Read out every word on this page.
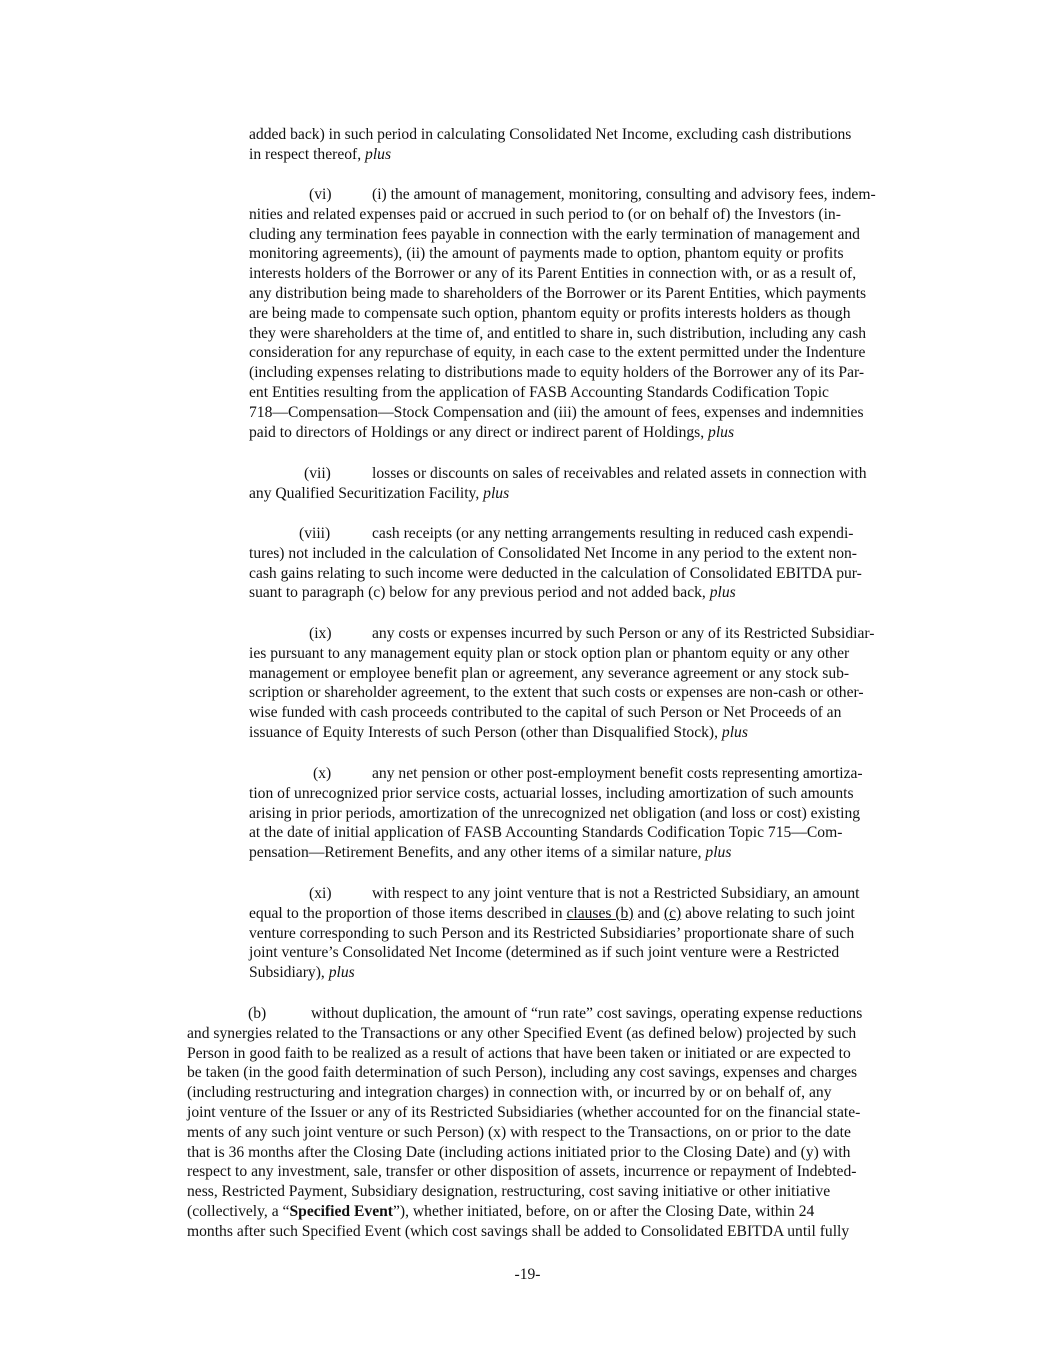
added back) in such period in calculating Consolidated Net Income, excluding cash distributions
in respect thereof, plus
(vi)	(i) the amount of management, monitoring, consulting and advisory fees, indem-
nities and related expenses paid or accrued in such period to (or on behalf of) the Investors (in-
cluding any termination fees payable in connection with the early termination of management and
monitoring agreements), (ii) the amount of payments made to option, phantom equity or profits
interests holders of the Borrower or any of its Parent Entities in connection with, or as a result of,
any distribution being made to shareholders of the Borrower or its Parent Entities, which payments
are being made to compensate such option, phantom equity or profits interests holders as though
they were shareholders at the time of, and entitled to share in, such distribution, including any cash
consideration for any repurchase of equity, in each case to the extent permitted under the Indenture
(including expenses relating to distributions made to equity holders of the Borrower any of its Par-
ent Entities resulting from the application of FASB Accounting Standards Codification Topic
718—Compensation—Stock Compensation and (iii) the amount of fees, expenses and indemnities
paid to directors of Holdings or any direct or indirect parent of Holdings, plus
(vii)	losses or discounts on sales of receivables and related assets in connection with
any Qualified Securitization Facility, plus
(viii)	cash receipts (or any netting arrangements resulting in reduced cash expendi-
tures) not included in the calculation of Consolidated Net Income in any period to the extent non-
cash gains relating to such income were deducted in the calculation of Consolidated EBITDA pur-
suant to paragraph (c) below for any previous period and not added back, plus
(ix)	any costs or expenses incurred by such Person or any of its Restricted Subsidiar-
ies pursuant to any management equity plan or stock option plan or phantom equity or any other
management or employee benefit plan or agreement, any severance agreement or any stock sub-
scription or shareholder agreement, to the extent that such costs or expenses are non-cash or other-
wise funded with cash proceeds contributed to the capital of such Person or Net Proceeds of an
issuance of Equity Interests of such Person (other than Disqualified Stock), plus
(x)	any net pension or other post-employment benefit costs representing amortiza-
tion of unrecognized prior service costs, actuarial losses, including amortization of such amounts
arising in prior periods, amortization of the unrecognized net obligation (and loss or cost) existing
at the date of initial application of FASB Accounting Standards Codification Topic 715—Com-
pensation—Retirement Benefits, and any other items of a similar nature, plus
(xi)	with respect to any joint venture that is not a Restricted Subsidiary, an amount
equal to the proportion of those items described in clauses (b) and (c) above relating to such joint
venture corresponding to such Person and its Restricted Subsidiaries’ proportionate share of such
joint venture’s Consolidated Net Income (determined as if such joint venture were a Restricted
Subsidiary), plus
(b)	without duplication, the amount of “run rate” cost savings, operating expense reductions
and synergies related to the Transactions or any other Specified Event (as defined below) projected by such
Person in good faith to be realized as a result of actions that have been taken or initiated or are expected to
be taken (in the good faith determination of such Person), including any cost savings, expenses and charges
(including restructuring and integration charges) in connection with, or incurred by or on behalf of, any
joint venture of the Issuer or any of its Restricted Subsidiaries (whether accounted for on the financial state-
ments of any such joint venture or such Person) (x) with respect to the Transactions, on or prior to the date
that is 36 months after the Closing Date (including actions initiated prior to the Closing Date) and (y) with
respect to any investment, sale, transfer or other disposition of assets, incurrence or repayment of Indebted-
ness, Restricted Payment, Subsidiary designation, restructuring, cost saving initiative or other initiative
(collectively, a “Specified Event”), whether initiated, before, on or after the Closing Date, within 24
months after such Specified Event (which cost savings shall be added to Consolidated EBITDA until fully
-19-
